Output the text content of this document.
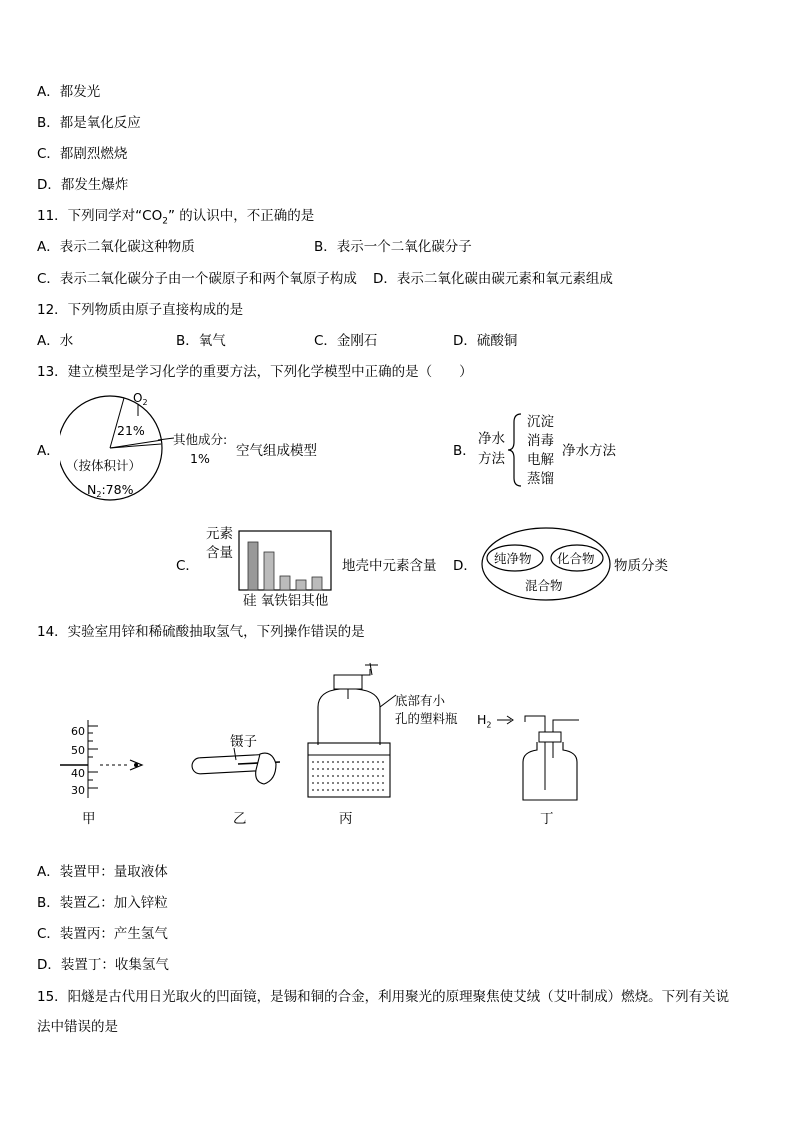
A．都发光
B．都是氧化反应
C．都剧烈燃烧
D．都发生爆炸
11．下列同学对“$CO_2$” 的认识中，不正确的是
A．表示二氧化碳这种物质	B．表示一个二氧化碳分子
C．表示二氧化碳分子由一个碳原子和两个氧原子构成 D．表示二氧化碳由碳元素和氧元素组成
12．下列物质由原子直接构成的是
A．水	B．氧气	C．金刚石	D．硫酸铜
13．建立模型是学习化学的重要方法，下列化学模型中正确的是（　　）
A．
$O_2$
21%
其他成分:
1%
（按体积计）
$N_2:78\%$
空气组成模型	B．
净水
方法
沉淀
消毒
电解
蒸馏
净水方法
C．
元素
含量
硅 氧铁铝其他
地壳中元素含量 D． 纯净物 化合物
混合物
物质分类
14．实验室用锌和稀硫酸抽取氢气，下列操作错误的是
60
50
40
30
甲
镊子
乙
底部有小
孔的塑料瓶
丙
$H_2$
丁
A．装置甲：量取液体
B．装置乙：加入锌粒
C．装置丙：产生氢气
D．装置丁：收集氢气
15．阳燧是古代用日光取火的凹面镜，是锡和铜的合金，利用聚光的原理聚焦使艾绒（艾叶制成）燃烧。下列有关说
法中错误的是
